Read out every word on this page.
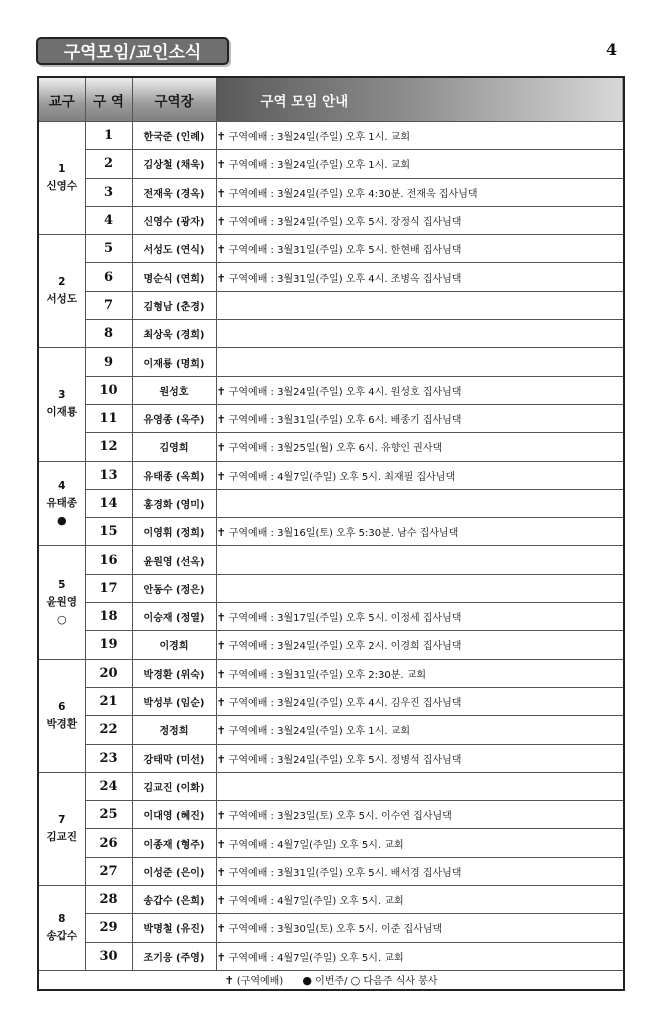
구역모임/교인소식	4
교구	구 역	구역장	구역 모임 안내

1
신영수	1	한국준 (인례)	✝ 구역예배 : 3월24일(주일) 오후 1시. 교회
	2	김상철 (채욱)	✝ 구역예배 : 3월24일(주일) 오후 1시. 교회
	3	전재욱 (경옥)	✝ 구역예배 : 3월24일(주일) 오후 4:30분. 전재욱 집사님댁
	4	신영수 (광자)	✝ 구역예배 : 3월24일(주일) 오후 5시. 장정식 집사님댁

2
서성도	5	서성도 (연식)	✝ 구역예배 : 3월31일(주일) 오후 5시. 한현배 집사님댁
	6	명순식 (연희)	✝ 구역예배 : 3월31일(주일) 오후 4시. 조병옥 집사님댁
	7	김형남 (춘경)	
	8	최상욱 (경희)	

3
이재룡	9	이재룡 (명희)	
	10	원성호	✝ 구역예배 : 3월24일(주일) 오후 4시. 원성호 집사님댁
	11	유영종 (옥주)	✝ 구역예배 : 3월31일(주일) 오후 6시. 배종기 집사님댁
	12	김영희	✝ 구역예배 : 3월25일(월) 오후 6시. 유향인 권사댁

4
유태종
●	13	유태종 (옥희)	✝ 구역예배 : 4월7일(주일) 오후 5시. 최재필 집사님댁
	14	홍경화 (영미)	
	15	이영휘 (정희)	✝ 구역예배 : 3월16일(토) 오후 5:30분. 남수 집사님댁

5
윤원영
○	16	윤원영 (선옥)	
	17	안동수 (정은)	
	18	이승재 (정열)	✝ 구역예배 : 3월17일(주일) 오후 5시. 이정세 집사님댁
	19	이경희	✝ 구역예배 : 3월24일(주일) 오후 2시. 이경희 집사님댁

6
박경환	20	박경환 (위숙)	✝ 구역예배 : 3월31일(주일) 오후 2:30분. 교회
	21	박성부 (임순)	✝ 구역예배 : 3월24일(주일) 오후 4시. 김우진 집사님댁
	22	정정희	✝ 구역예배 : 3월24일(주일) 오후 1시. 교회
	23	강태막 (미선)	✝ 구역예배 : 3월24일(주일) 오후 5시. 정병석 집사님댁

7
김교진	24	김교진 (이화)	
	25	이대영 (혜진)	✝ 구역예배 : 3월23일(토) 오후 5시. 이수연 집사님댁
	26	이종재 (형주)	✝ 구역예배 : 4월7일(주일) 오후 5시. 교회
	27	이성준 (은이)	✝ 구역예배 : 3월31일(주일) 오후 5시. 배서경 집사님댁

8
송갑수	28	송갑수 (은희)	✝ 구역예배 : 4월7일(주일) 오후 5시. 교회
	29	박명철 (유진)	✝ 구역예배 : 3월30일(토) 오후 5시. 이준 집사님댁
	30	조기응 (주영)	✝ 구역예배 : 4월7일(주일) 오후 5시. 교회
✝ (구역예배) ● 이번주/ ○ 다음주 식사 봉사			
